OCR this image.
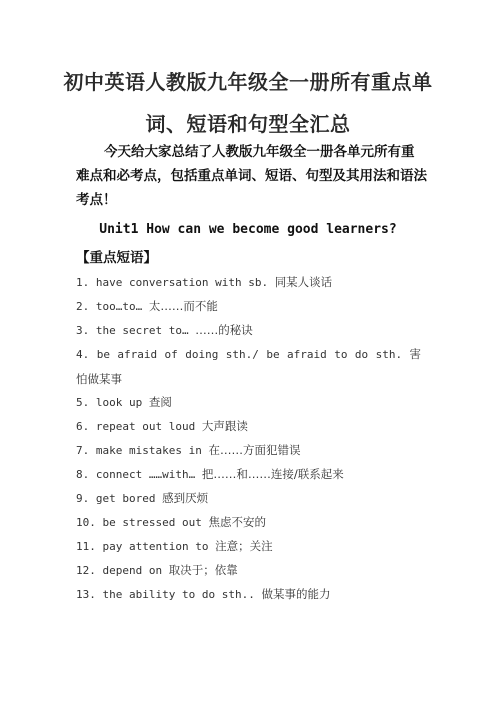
初中英语人教版九年级全一册所有重点单
词、短语和句型全汇总
今天给大家总结了人教版九年级全一册各单元所有重
难点和必考点，包括重点单词、短语、句型及其用法和语法
考点！
Unit1 How can we become good learners?
【重点短语】
1. have conversation with sb. 同某人谈话
2. too…to… 太……而不能
3. the secret to… ……的秘诀
4. be afraid of doing sth./ be afraid to do sth. 害怕做某事
5. look up 查阅
6. repeat out loud 大声跟读
7. make mistakes in 在……方面犯错误
8. connect ……with… 把……和……连接/联系起来
9. get bored 感到厌烦
10. be stressed out 焦虑不安的
11. pay attention to 注意；关注
12. depend on 取决于；依靠
13. the ability to do sth.. 做某事的能力
